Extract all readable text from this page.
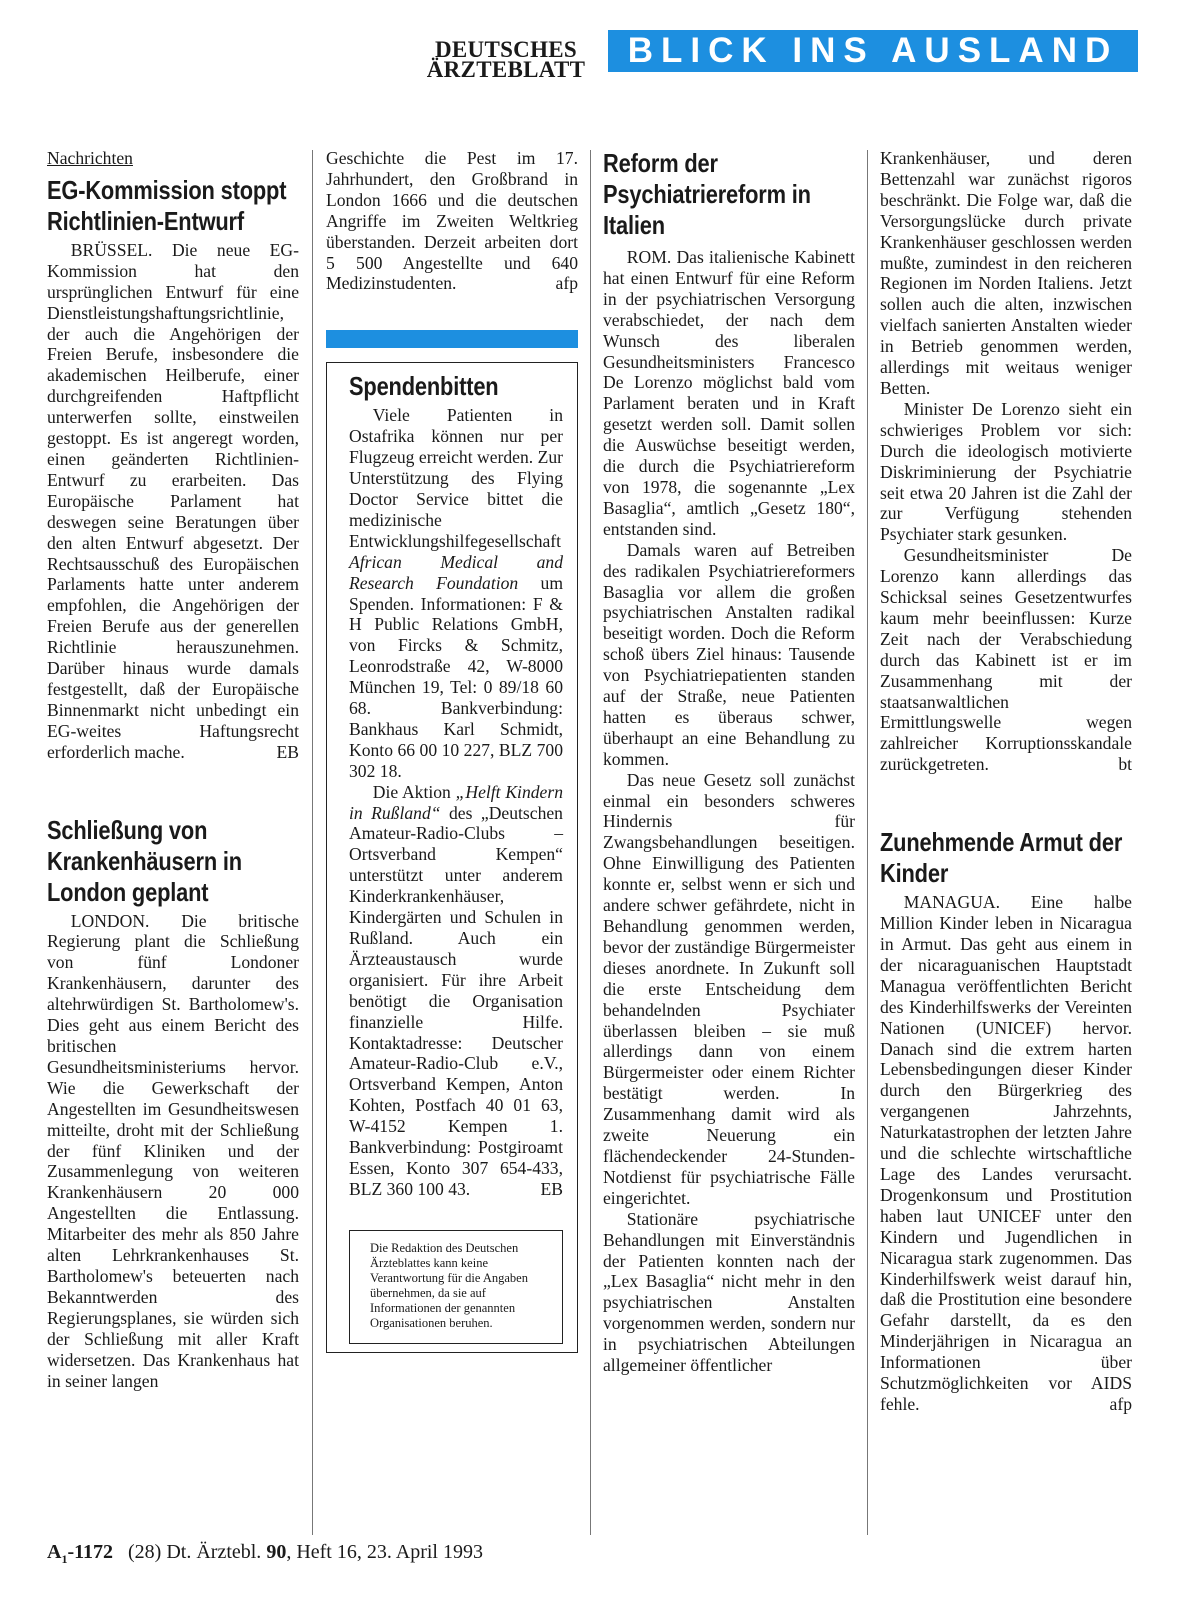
DEUTSCHES
ÄRZTEBLATT	BLICK INS AUSLAND
Nachrichten
EG-Kommission stoppt Richtlinien-Entwurf

BRÜSSEL. Die neue EG-Kommission hat den ursprünglichen Entwurf für eine Dienstleistungshaftungsrichtlinie, der auch die Angehörigen der Freien Berufe, insbesondere die akademischen Heilberufe, einer durchgreifenden Haftpflicht unterwerfen sollte, einstweilen gestoppt. Es ist angeregt worden, einen geänderten Richtlinien-Entwurf zu erarbeiten. Das Europäische Parlament hat deswegen seine Beratungen über den alten Entwurf abgesetzt. Der Rechtsausschuß des Europäischen Parlaments hatte unter anderem empfohlen, die Angehörigen der Freien Berufe aus der generellen Richtlinie herauszunehmen. Darüber hinaus wurde damals festgestellt, daß der Europäische Binnenmarkt nicht unbedingt ein EG-weites Haftungsrecht erforderlich mache.	EB

Schließung von Krankenhäusern in London geplant

LONDON. Die britische Regierung plant die Schließung von fünf Londoner Krankenhäusern, darunter des altehrwürdigen St. Bartholomew's. Dies geht aus einem Bericht des britischen Gesundheitsministeriums hervor. Wie die Gewerkschaft der Angestellten im Gesundheitswesen mitteilte, droht mit der Schließung der fünf Kliniken und der Zusammenlegung von weiteren Krankenhäusern 20 000 Angestellten die Entlassung. Mitarbeiter des mehr als 850 Jahre alten Lehrkrankenhauses St. Bartholomew's beteuerten nach Bekanntwerden des Regierungsplanes, sie würden sich der Schließung mit aller Kraft widersetzen. Das Krankenhaus hat in seiner langen

Geschichte die Pest im 17. Jahrhundert, den Großbrand in London 1666 und die deutschen Angriffe im Zweiten Weltkrieg überstanden. Derzeit arbeiten dort 5 500 Angestellte und 640 Medizinstudenten.	afp

Spendenbitten

Viele Patienten in Ostafrika können nur per Flugzeug erreicht werden. Zur Unterstützung des Flying Doctor Service bittet die medizinische Entwicklungshilfegesellschaft African Medical and Research Foundation um Spenden. Informationen: F & H Public Relations GmbH, von Fircks & Schmitz, Leonrodstraße 42, W-8000 München 19, Tel: 0 89/18 60 68. Bankverbindung: Bankhaus Karl Schmidt, Konto 66 00 10 227, BLZ 700 302 18.

Die Aktion „Helft Kindern in Rußland“ des „Deutschen Amateur-Radio-Clubs – Ortsverband Kempen“ unterstützt unter anderem Kinderkrankenhäuser, Kindergärten und Schulen in Rußland. Auch ein Ärzteaustausch wurde organisiert. Für ihre Arbeit benötigt die Organisation finanzielle Hilfe. Kontaktadresse: Deutscher Amateur-Radio-Club e.V., Ortsverband Kempen, Anton Kohten, Postfach 40 01 63, W-4152 Kempen 1. Bankverbindung: Postgiroamt Essen, Konto 307 654-433, BLZ 360 100 43.	EB

Die Redaktion des Deutschen Ärzteblattes kann keine Verantwortung für die Angaben übernehmen, da sie auf Informationen der genannten Organisationen beruhen.
Reform der Psychiatriereform in Italien

ROM. Das italienische Kabinett hat einen Entwurf für eine Reform in der psychiatrischen Versorgung verabschiedet, der nach dem Wunsch des liberalen Gesundheitsministers Francesco De Lorenzo möglichst bald vom Parlament beraten und in Kraft gesetzt werden soll. Damit sollen die Auswüchse beseitigt werden, die durch die Psychiatriereform von 1978, die sogenannte „Lex Basaglia“, amtlich „Gesetz 180“, entstanden sind.

Damals waren auf Betreiben des radikalen Psychiatriereformers Basaglia vor allem die großen psychiatrischen Anstalten radikal beseitigt worden. Doch die Reform schoß übers Ziel hinaus: Tausende von Psychiatriepatienten standen auf der Straße, neue Patienten hatten es überaus schwer, überhaupt an eine Behandlung zu kommen.

Das neue Gesetz soll zunächst einmal ein besonders schweres Hindernis für Zwangsbehandlungen beseitigen. Ohne Einwilligung des Patienten konnte er, selbst wenn er sich und andere schwer gefährdete, nicht in Behandlung genommen werden, bevor der zuständige Bürgermeister dieses anordnete. In Zukunft soll die erste Entscheidung dem behandelnden Psychiater überlassen bleiben – sie muß allerdings dann von einem Bürgermeister oder einem Richter bestätigt werden. In Zusammenhang damit wird als zweite Neuerung ein flächendeckender 24-Stunden-Notdienst für psychiatrische Fälle eingerichtet.

Stationäre psychiatrische Behandlungen mit Einverständnis der Patienten konnten nach der „Lex Basaglia“ nicht mehr in den psychiatrischen Anstalten vorgenommen werden, sondern nur in psychiatrischen Abteilungen allgemeiner öffentlicher

Krankenhäuser, und deren Bettenzahl war zunächst rigoros beschränkt. Die Folge war, daß die Versorgungslücke durch private Krankenhäuser geschlossen werden mußte, zumindest in den reicheren Regionen im Norden Italiens. Jetzt sollen auch die alten, inzwischen vielfach sanierten Anstalten wieder in Betrieb genommen werden, allerdings mit weitaus weniger Betten.

Minister De Lorenzo sieht ein schwieriges Problem vor sich: Durch die ideologisch motivierte Diskriminierung der Psychiatrie seit etwa 20 Jahren ist die Zahl der zur Verfügung stehenden Psychiater stark gesunken.

Gesundheitsminister De Lorenzo kann allerdings das Schicksal seines Gesetzentwurfes kaum mehr beeinflussen: Kurze Zeit nach der Verabschiedung durch das Kabinett ist er im Zusammenhang mit der staatsanwaltlichen Ermittlungswelle wegen zahlreicher Korruptionsskandale zurückgetreten.	bt

Zunehmende Armut der Kinder

MANAGUA. Eine halbe Million Kinder leben in Nicaragua in Armut. Das geht aus einem in der nicaraguanischen Hauptstadt Managua veröffentlichten Bericht des Kinderhilfswerks der Vereinten Nationen (UNICEF) hervor. Danach sind die extrem harten Lebensbedingungen dieser Kinder durch den Bürgerkrieg des vergangenen Jahrzehnts, Naturkatastrophen der letzten Jahre und die schlechte wirtschaftliche Lage des Landes verursacht. Drogenkonsum und Prostitution haben laut UNICEF unter den Kindern und Jugendlichen in Nicaragua stark zugenommen. Das Kinderhilfswerk weist darauf hin, daß die Prostitution eine besondere Gefahr darstellt, da es den Minderjährigen in Nicaragua an Informationen über Schutzmöglichkeiten vor AIDS fehle.	afp

$A_1-1172$ (28) Dt. Ärztebl. 90, Heft 16, 23. April 1993
